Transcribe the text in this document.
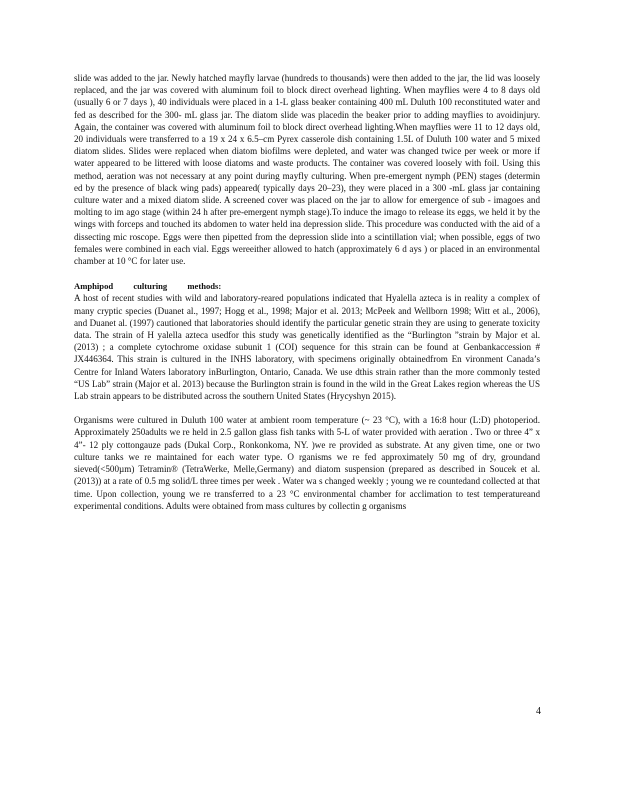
slide was added to the jar. Newly hatched mayfly larvae (hundreds to thousands) were then added to the jar, the lid was loosely replaced, and the jar was covered with aluminum foil to block direct overhead lighting. When mayflies were 4 to 8 days old (usually 6 or 7 days ), 40 individuals were placed in a 1-L glass beaker containing 400 mL Duluth 100 reconstituted water and fed as described for the 300- mL glass jar. The diatom slide was placedin the beaker prior to adding mayflies to avoidinjury. Again, the container was covered with aluminum foil to block direct overhead lighting.When mayflies were 11 to 12 days old, 20 individuals were transferred to a 19 x 24 x 6.5–cm Pyrex casserole dish containing 1.5L of Duluth 100 water and 5 mixed diatom slides. Slides were replaced when diatom biofilms were depleted, and water was changed twice per week or more if water appeared to be littered with loose diatoms and waste products. The container was covered loosely with foil. Using this method, aeration was not necessary at any point during mayfly culturing. When pre-emergent nymph (PEN) stages (determin ed by the presence of black wing pads) appeared( typically days 20–23), they were placed in a 300 -mL glass jar containing culture water and a mixed diatom slide. A screened cover was placed on the jar to allow for emergence of sub - imagoes and molting to im ago stage (within 24 h after pre-emergent nymph stage).To induce the imago to release its eggs, we held it by the wings with forceps and touched its abdomen to water held ina depression slide. This procedure was conducted with the aid of a dissecting mic roscope. Eggs were then pipetted from the depression slide into a scintillation vial; when possible, eggs of two females were combined in each vial. Eggs wereeither allowed to hatch (approximately 6 d ays ) or placed in an environmental chamber at 10 °C for later use.

Amphipod culturing methods:

A host of recent studies with wild and laboratory-reared populations indicated that Hyalella azteca is in reality a complex of many cryptic species (Duanet al., 1997; Hogg et al., 1998; Major et al. 2013; McPeek and Wellborn 1998; Witt et al., 2006), and Duanet al. (1997) cautioned that laboratories should identify the particular genetic strain they are using to generate toxicity data. The strain of H yalella azteca usedfor this study was genetically identified as the “Burlington ”strain by Major et al. (2013) ; a complete cytochrome oxidase subunit 1 (COI) sequence for this strain can be found at Genbankaccession # JX446364. This strain is cultured in the INHS laboratory, with specimens originally obtainedfrom En vironment Canada’s Centre for Inland Waters laboratory inBurlington, Ontario, Canada. We use dthis strain rather than the more commonly tested “US Lab” strain (Major et al. 2013) because the Burlington strain is found in the wild in the Great Lakes region whereas the US Lab strain appears to be distributed across the southern United States (Hrycyshyn 2015).

Organisms were cultured in Duluth 100 water at ambient room temperature (~ 23 °C), with a 16:8 hour (L:D) photoperiod. Approximately 250adults we re held in 2.5 gallon glass fish tanks with 5-L of water provided with aeration . Two or three 4” x 4”- 12 ply cottongauze pads (Dukal Corp., Ronkonkoma, NY. )we re provided as substrate. At any given time, one or two culture tanks we re maintained for each water type. O rganisms we re fed approximately 50 mg of dry, groundand sieved(<500µm) Tetramin® (TetraWerke, Melle,Germany) and diatom suspension (prepared as described in Soucek et al. (2013)) at a rate of 0.5 mg solid/L three times per week . Water wa s changed weekly ; young we re countedand collected at that time. Upon collection, young we re transferred to a 23 °C environmental chamber for acclimation to test temperatureand experimental conditions. Adults were obtained from mass cultures by collectin g organisms

4
